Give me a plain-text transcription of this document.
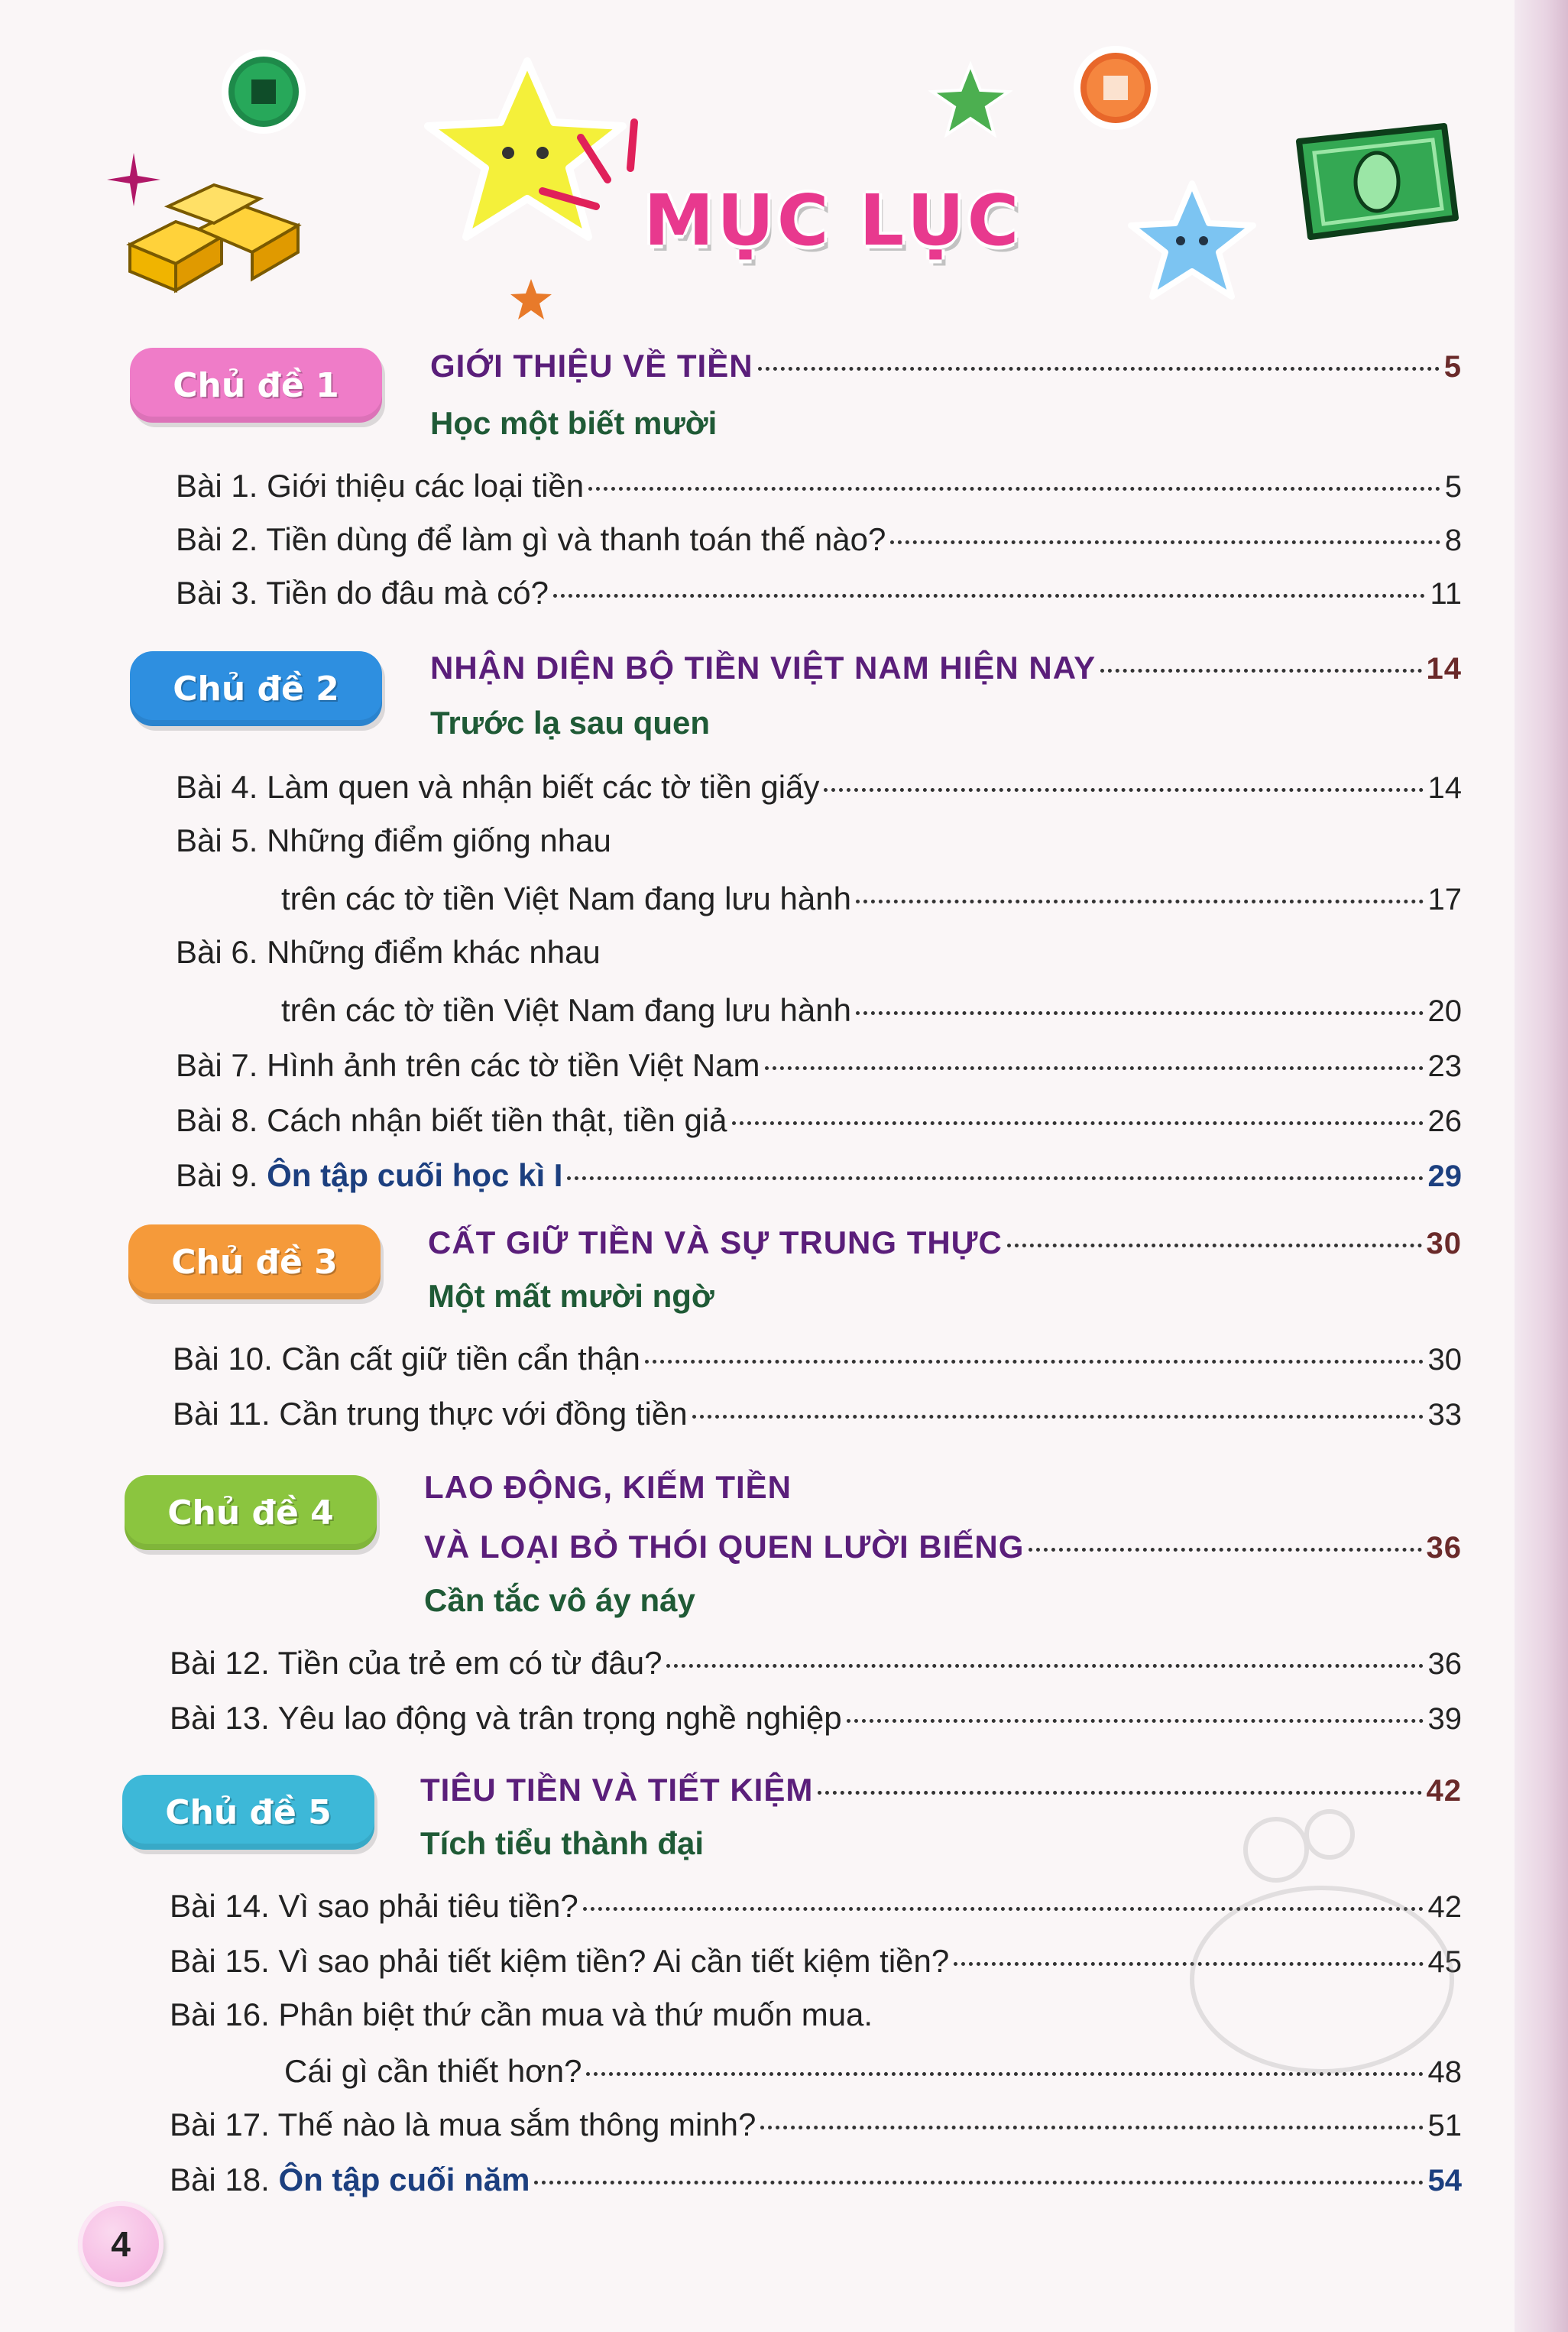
MỤC LỤC
Chủ đề 1	GIỚI THIỆU VỀ TIỀN	5
Học một biết mười
Bài 1. Giới thiệu các loại tiền	5
Bài 2. Tiền dùng để làm gì và thanh toán thế nào?	8
Bài 3. Tiền do đâu mà có?	11
Chủ đề 2
NHẬN DIỆN BỘ TIỀN VIỆT NAM HIỆN NAY	14
Trước lạ sau quen
Bài 4. Làm quen và nhận biết các tờ tiền giấy	14
Bài 5. Những điểm giống nhau
trên các tờ tiền Việt Nam đang lưu hành	17
Bài 6. Những điểm khác nhau
trên các tờ tiền Việt Nam đang lưu hành	20
Bài 7. Hình ảnh trên các tờ tiền Việt Nam	23
Bài 8. Cách nhận biết tiền thật, tiền giả	26
Bài 9. Ôn tập cuối học kì I	29
Chủ đề 3	CẤT GIỮ TIỀN VÀ SỰ TRUNG THỰC	30
Một mất mười ngờ
Bài 10. Cần cất giữ tiền cẩn thận	30
Bài 11. Cần trung thực với đồng tiền	33
Chủ đề 4
LAO ĐỘNG, KIẾM TIỀN
VÀ LOẠI BỎ THÓI QUEN LƯỜI BIẾNG	36
Cần tắc vô áy náy
Bài 12. Tiền của trẻ em có từ đâu?	36
Bài 13. Yêu lao động và trân trọng nghề nghiệp	39
Chủ đề 5
TIÊU TIỀN VÀ TIẾT KIỆM	42
Tích tiểu thành đại
Bài 14. Vì sao phải tiêu tiền?	42
Bài 15. Vì sao phải tiết kiệm tiền? Ai cần tiết kiệm tiền?	45
Bài 16. Phân biệt thứ cần mua và thứ muốn mua.
Cái gì cần thiết hơn?	48
Bài 17. Thế nào là mua sắm thông minh?	51
Bài 18. Ôn tập cuối năm	54
4
